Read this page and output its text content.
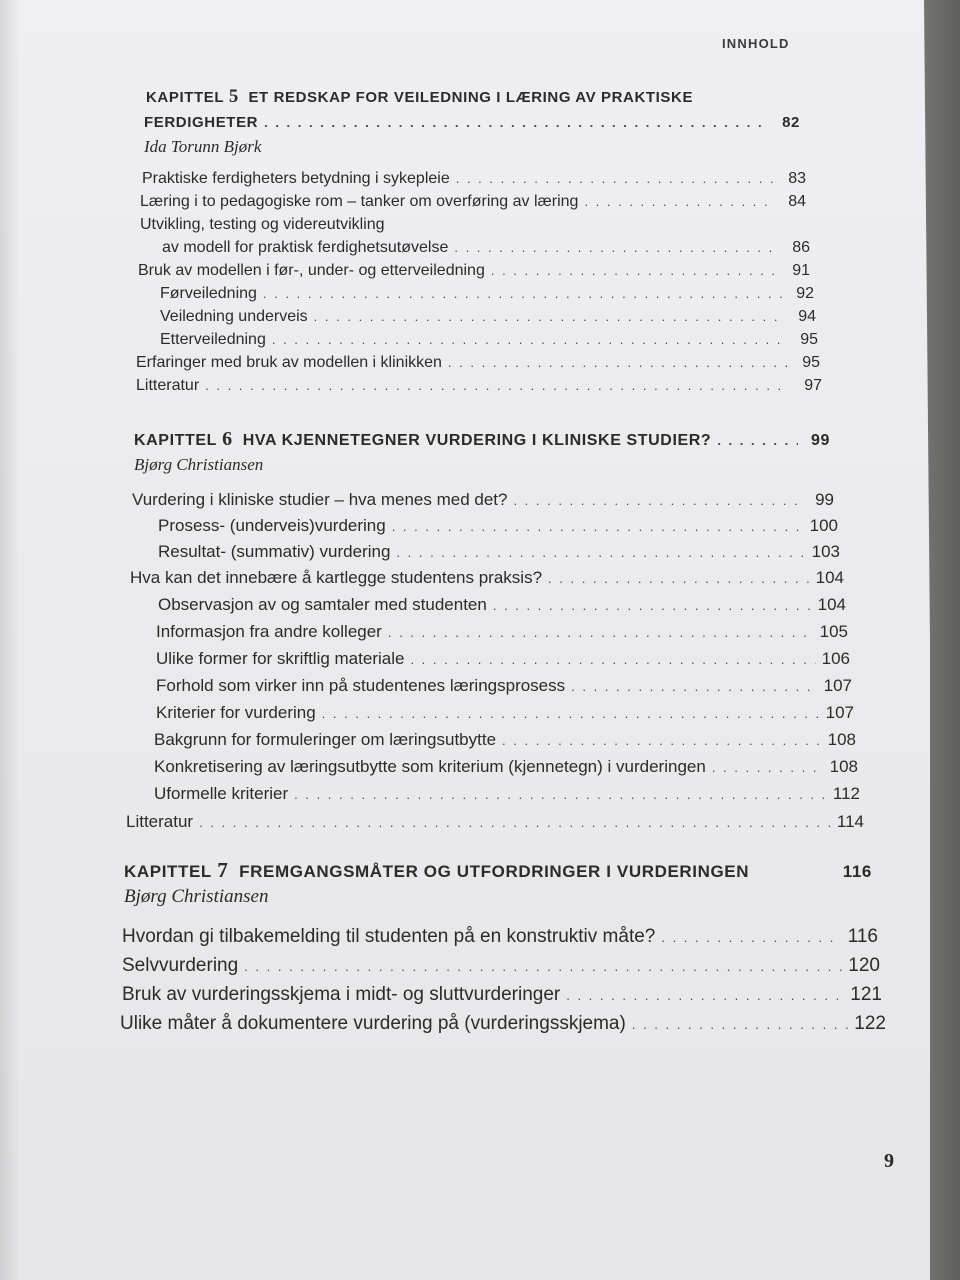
INNHOLD
KAPITTEL
5
ET REDSKAP FOR VEILEDNING I LÆRING AV PRAKTISKE
FERDIGHETER . . .	82
Ida Torunn Bjørk
Praktiske ferdigheters betydning i sykepleie . . .	83
Læring i to pedagogiske rom – tanker om overføring av læring . . .	84
Utvikling, testing og videreutvikling
av modell for praktisk ferdighetsutøvelse . . .	86
Bruk av modellen i før-, under- og etterveiledning . . .	91
Førveiledning . . .	92
Veiledning underveis . . .	94
Etterveiledning . . .	95
Erfaringer med bruk av modellen i klinikken . . .	95
Litteratur . . .	97
KAPITTEL
6
HVA KJENNETEGNER VURDERING I KLINISKE STUDIER? . . .	99
Bjørg Christiansen
Vurdering i kliniske studier – hva menes med det? . . .	99
Prosess- (underveis)vurdering . . .	100
Resultat- (summativ) vurdering . . .	103
Hva kan det innebære å kartlegge studentens praksis? . . .	104
Observasjon av og samtaler med studenten . . .	104
Informasjon fra andre kolleger . . .	105
Ulike former for skriftlig materiale . . .	106
Forhold som virker inn på studentenes læringsprosess . . .	107
Kriterier for vurdering . . .	107
Bakgrunn for formuleringer om læringsutbytte . . .	108
Konkretisering av læringsutbytte som kriterium (kjennetegn) i vurderingen . . .	108
Uformelle kriterier . . .	112
Litteratur . . .	114
KAPITTEL
7
FREMGANGSMÅTER OG UTFORDRINGER I VURDERINGEN	116
Bjørg Christiansen
Hvordan gi tilbakemelding til studenten på en konstruktiv måte? . . .	116
Selvvurdering . . .	120
Bruk av vurderingsskjema i midt- og sluttvurderinger . . .	121
Ulike måter å dokumentere vurdering på (vurderingsskjema) . . .	122
9
